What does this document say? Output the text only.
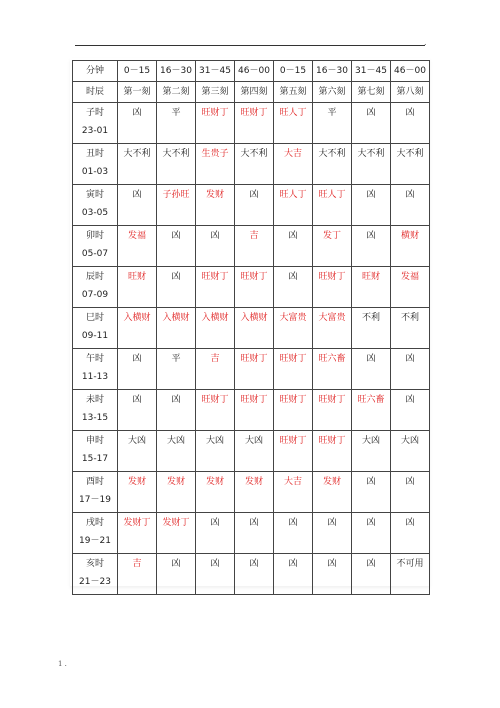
.
分钟	0－15	16－30	31－45	46－00	0－15	16－30	31－45	46－00
时辰	第一刻	第二刻	第三刻	第四刻	第五刻	第六刻	第七刻	第八刻

子时
23-01	凶	平	旺财丁	旺财丁	旺人丁	平	凶	凶

丑时
01-03	大不利	大不利	生贵子	大不利	大吉	大不利	大不利	大不利

寅时
03-05	凶	子孙旺	发财	凶	旺人丁	旺人丁	凶	凶

卯时
05-07	发福	凶	凶	吉	凶	发丁	凶	横财

辰时
07-09	旺财	凶	旺财丁	旺财丁	凶	旺财丁	旺财	发福

巳时
09-11	入横财	入横财	入横财	入横财	大富贵	大富贵	不利	不利

午时
11-13	凶	平	吉	旺财丁	旺财丁	旺六畜	凶	凶

未时
13-15	凶	凶	旺财丁	旺财丁	旺财丁	旺财丁	旺六畜	凶

申时
15-17	大凶	大凶	大凶	大凶	旺财丁	旺财丁	大凶	大凶

酉时
17－19	发财	发财	发财	发财	大吉	发财	凶	凶

戌时
19－21	发财丁	发财丁	凶	凶	凶	凶	凶	凶

亥时
21－23	吉	凶	凶	凶	凶	凶	凶	不可用
1 .
